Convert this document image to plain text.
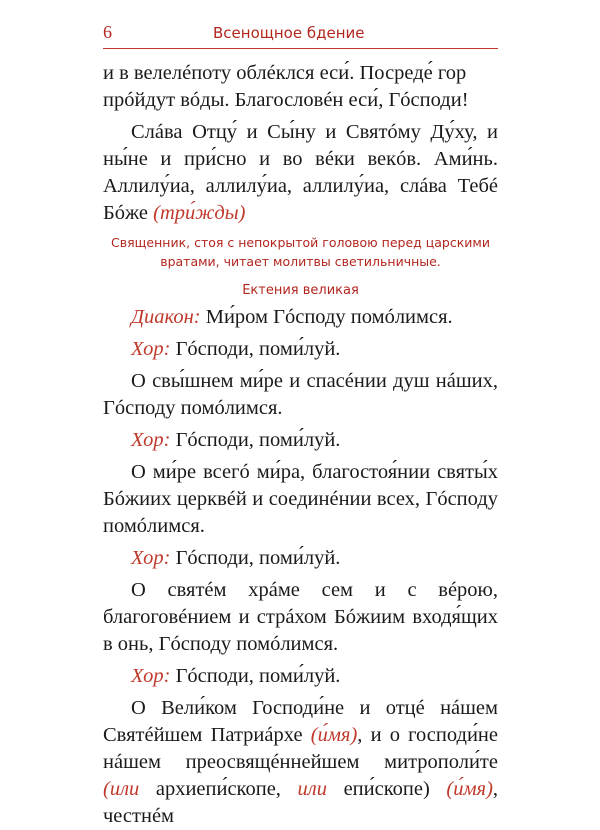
6	Всенощное бдение

и в велелéпоту облéклся еси́. Посреде́ гор
прóйдут вóды. Благословéн еси́, Гóсподи!

Слáва Отцу́ и Сы́ну и Святóму Ду́ху, и ны́не и при́сно и во вéки векóв. Ами́нь. Аллилу́иа, аллилу́иа, аллилу́иа, слáва Тебé Бóже (три́жды)

Священник, стоя с непокрытой головою перед царскими вратами, читает молитвы светильничные.

Ектения великая

Диакон: Ми́ром Гóсподу помóлимся.

Хор: Гóсподи, поми́луй.

О свы́шнем ми́ре и спасéнии душ нáших, Гóсподу помóлимся.

Хор: Гóсподи, поми́луй.

О ми́ре всегó ми́ра, благостоя́нии святы́х Бóжиих церквéй и соединéнии всех, Гóсподу помóлимся.

Хор: Гóсподи, поми́луй.

О святéм хрáме сем и с вéрою, благоговéнием и стрáхом Бóжиим входя́щих в онь, Гóсподу помóлимся.

Хор: Гóсподи, поми́луй.

О Вели́ком Господи́не и отцé нáшем Святéйшем Патриáрхе (и́мя), и о господи́не нáшем преосвящéннейшем митрополи́те (или архиепи́скопе, или епи́скопе) (и́мя), честнéм
